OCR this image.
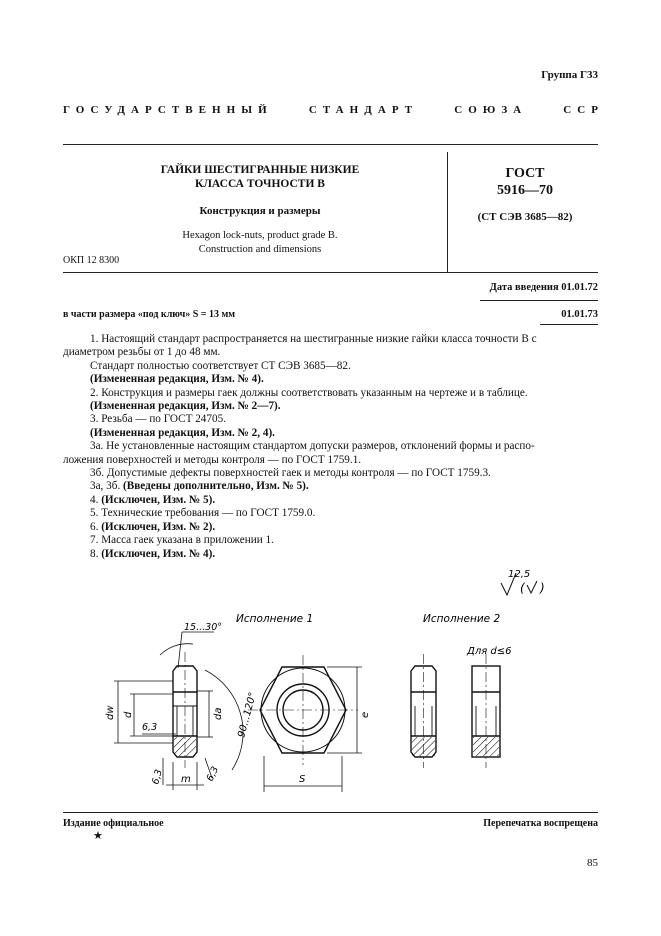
Группа Г33
ГОСУДАРСТВЕННЫЙ	СТАНДАРТ	СОЮЗА	ССР
ГАЙКИ ШЕСТИГРАННЫЕ НИЗКИЕ
КЛАССА ТОЧНОСТИ В
Конструкция и размеры
Hexagon lock-nuts, product grade B.
Construction and dimensions
ОКП 12 8300
ГОСТ
5916—70
(СТ СЭВ 3685—82)
Дата введения 01.01.72
в части размера «под ключ» S = 13 мм	01.01.73

1. Настоящий стандарт распространяется на шестигранные низкие гайки класса точности В с

диаметром резьбы от 1 до 48 мм.

Стандарт полностью соответствует СТ СЭВ 3685—82.

(Измененная редакция, Изм. № 4).

2. Конструкция и размеры гаек должны соответствовать указанным на чертеже и в таблице.

(Измененная редакция, Изм. № 2—7).

3. Резьба — по ГОСТ 24705.

(Измененная редакция, Изм. № 2, 4).

3а. Не установленные настоящим стандартом допуски размеров, отклонений формы и распо-

ложения поверхностей и методы контроля — по ГОСТ 1759.1.

3б. Допустимые дефекты поверхностей гаек и методы контроля — по ГОСТ 1759.3.

3а, 3б. (Введены дополнительно, Изм. № 5).

4. (Исключен, Изм. № 5).

5. Технические требования — по ГОСТ 1759.0.

6. (Исключен, Изм. № 2).

7. Масса гаек указана в приложении 1.

8. (Исключен, Изм. № 4).

12,5
( )
Исполнение 1	Исполнение 2
Для d≤6
15...30°
dw d	da 90...120°
6,3
6,3	6,3
m	S
e
Издание официальное	Перепечатка воспрещена
★
85
